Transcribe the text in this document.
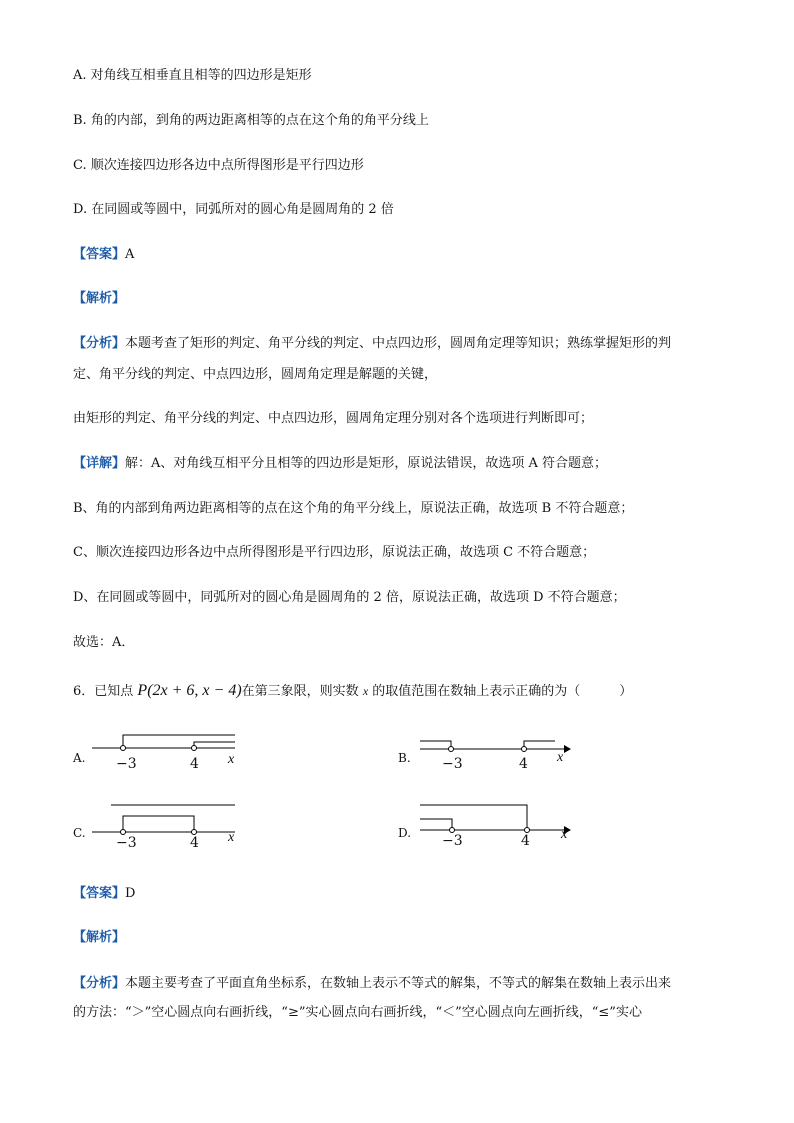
A. 对角线互相垂直且相等的四边形是矩形
B. 角的内部，到角的两边距离相等的点在这个角的角平分线上
C. 顺次连接四边形各边中点所得图形是平行四边形
D. 在同圆或等圆中，同弧所对的圆心角是圆周角的 2 倍
【答案】A
【解析】
【分析】本题考查了矩形的判定、角平分线的判定、中点四边形，圆周角定理等知识；熟练掌握矩形的判
定、角平分线的判定、中点四边形，圆周角定理是解题的关键，
由矩形的判定、角平分线的判定、中点四边形，圆周角定理分别对各个选项进行判断即可；
【详解】解：A、对角线互相平分且相等的四边形是矩形，原说法错误，故选项 A 符合题意；
B、角的内部到角两边距离相等的点在这个角的角平分线上，原说法正确，故选项 B 不符合题意；
C、顺次连接四边形各边中点所得图形是平行四边形，原说法正确，故选项 C 不符合题意；
D、在同圆或等圆中，同弧所对的圆心角是圆周角的 2 倍，原说法正确，故选项 D 不符合题意；
故选：A．
6．已知点 P(2x + 6, x − 4)在第三象限，则实数 x 的取值范围在数轴上表示正确的为（　　　）
A. −3	4 x	B. −3	4 x
C.
−3	4 x	D. −3	4 x
【答案】D
【解析】
【分析】本题主要考查了平面直角坐标系，在数轴上表示不等式的解集，不等式的解集在数轴上表示出来
的方法：“＞”空心圆点向右画折线，“≥”实心圆点向右画折线，“＜”空心圆点向左画折线，“≤”实心
